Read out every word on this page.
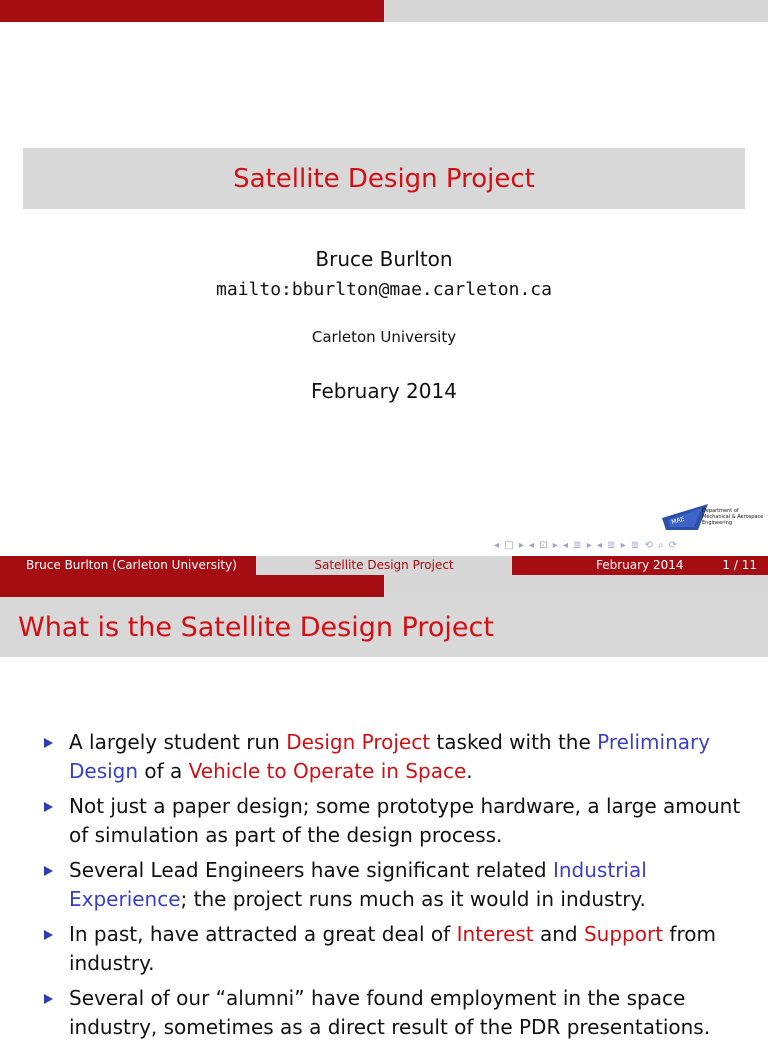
Satellite Design Project
Bruce Burlton
mailto:bburlton@mae.carleton.ca
Carleton University
February 2014
MAE
Department of Mechanical & Aerospace Engineering
◂ □ ▸ ◂ ⊡ ▸ ◂ ≣ ▸ ◂ ≣ ▸ ≣ ⟲ ⌕ ⟳
Bruce Burlton (Carleton University)	Satellite Design Project	February 2014	1 / 11
What is the Satellite Design Project
A largely student run Design Project tasked with the Preliminary Design of a Vehicle to Operate in Space.
Not just a paper design; some prototype hardware, a large amount of simulation as part of the design process.
Several Lead Engineers have significant related Industrial Experience; the project runs much as it would in industry.
In past, have attracted a great deal of Interest and Support from industry.
Several of our “alumni” have found employment in the space industry, sometimes as a direct result of the PDR presentations.
